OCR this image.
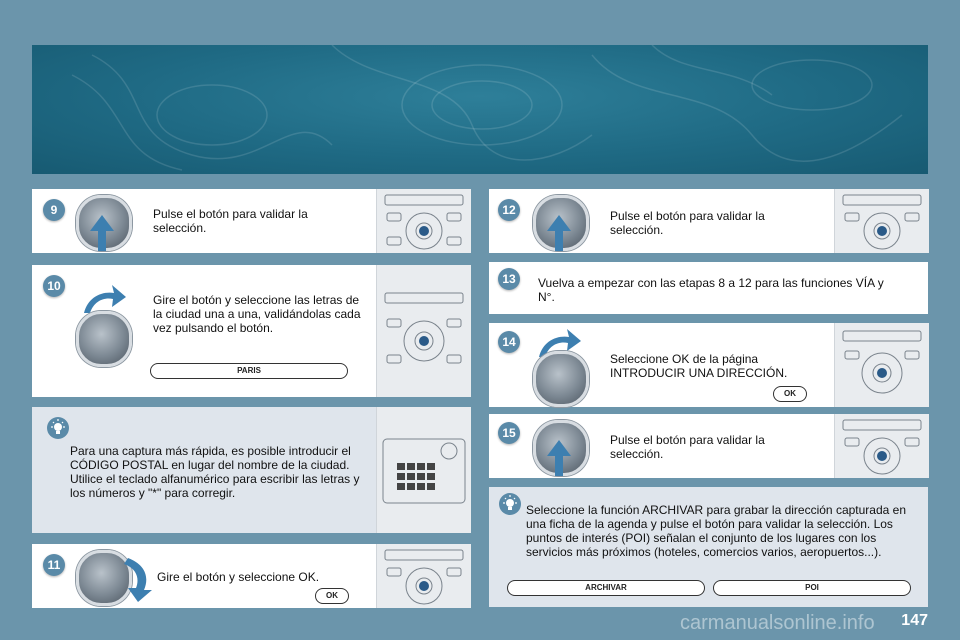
9	Pulse el botón para validar la selección.
10
Gire el botón y seleccione las letras de la ciudad una a una, validándolas cada vez pulsando el botón.
PARIS
Para una captura más rápida, es posible introducir el CÓDIGO POSTAL en lugar del nombre de la ciudad. Utilice el teclado alfanumérico para escribir las letras y los números y "*" para corregir.
11
Gire el botón y seleccione OK.
OK
12	Pulse el botón para validar la selección.
13	Vuelva a empezar con las etapas 8 a 12 para las funciones VÍA y N°.
14
Seleccione OK de la página INTRODUCIR UNA DIRECCIÓN.
OK
15	Pulse el botón para validar la selección.
Seleccione la función ARCHIVAR para grabar la dirección capturada en una ficha de la agenda y pulse el botón para validar la selección. Los puntos de interés (POI) señalan el conjunto de los lugares con los servicios más próximos (hoteles, comercios varios, aeropuertos...).
ARCHIVAR	POI
carmanualsonline.info 147
